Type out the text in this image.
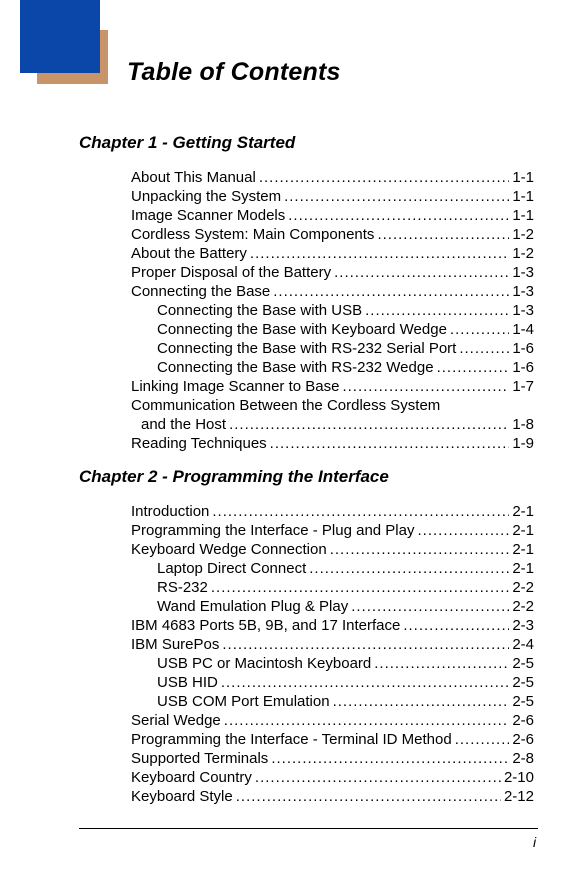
Table of Contents
Chapter 1 - Getting Started
About This Manual .....	1-1
Unpacking the System .....	1-1
Image Scanner Models .....	1-1
Cordless System: Main Components .....	1-2
About the Battery .....	1-2
Proper Disposal of the Battery .....	1-3
Connecting the Base .....	1-3
Connecting the Base with USB .....	1-3
Connecting the Base with Keyboard Wedge .....	1-4
Connecting the Base with RS-232 Serial Port .....	1-6
Connecting the Base with RS-232 Wedge .....	1-6
Linking Image Scanner to Base .....	1-7
Communication Between the Cordless System
and the Host .....	1-8
Reading Techniques .....	1-9
Chapter 2 - Programming the Interface
Introduction .....	2-1
Programming the Interface - Plug and Play .....	2-1
Keyboard Wedge Connection .....	2-1
Laptop Direct Connect .....	2-1
RS-232 .....	2-2
Wand Emulation Plug & Play .....	2-2
IBM 4683 Ports 5B, 9B, and 17 Interface .....	2-3
IBM SurePos .....	2-4
USB PC or Macintosh Keyboard .....	2-5
USB HID .....	2-5
USB COM Port Emulation .....	2-5
Serial Wedge .....	2-6
Programming the Interface - Terminal ID Method .....	2-6
Supported Terminals .....	2-8
Keyboard Country .....	2-10
Keyboard Style .....	2-12
i
